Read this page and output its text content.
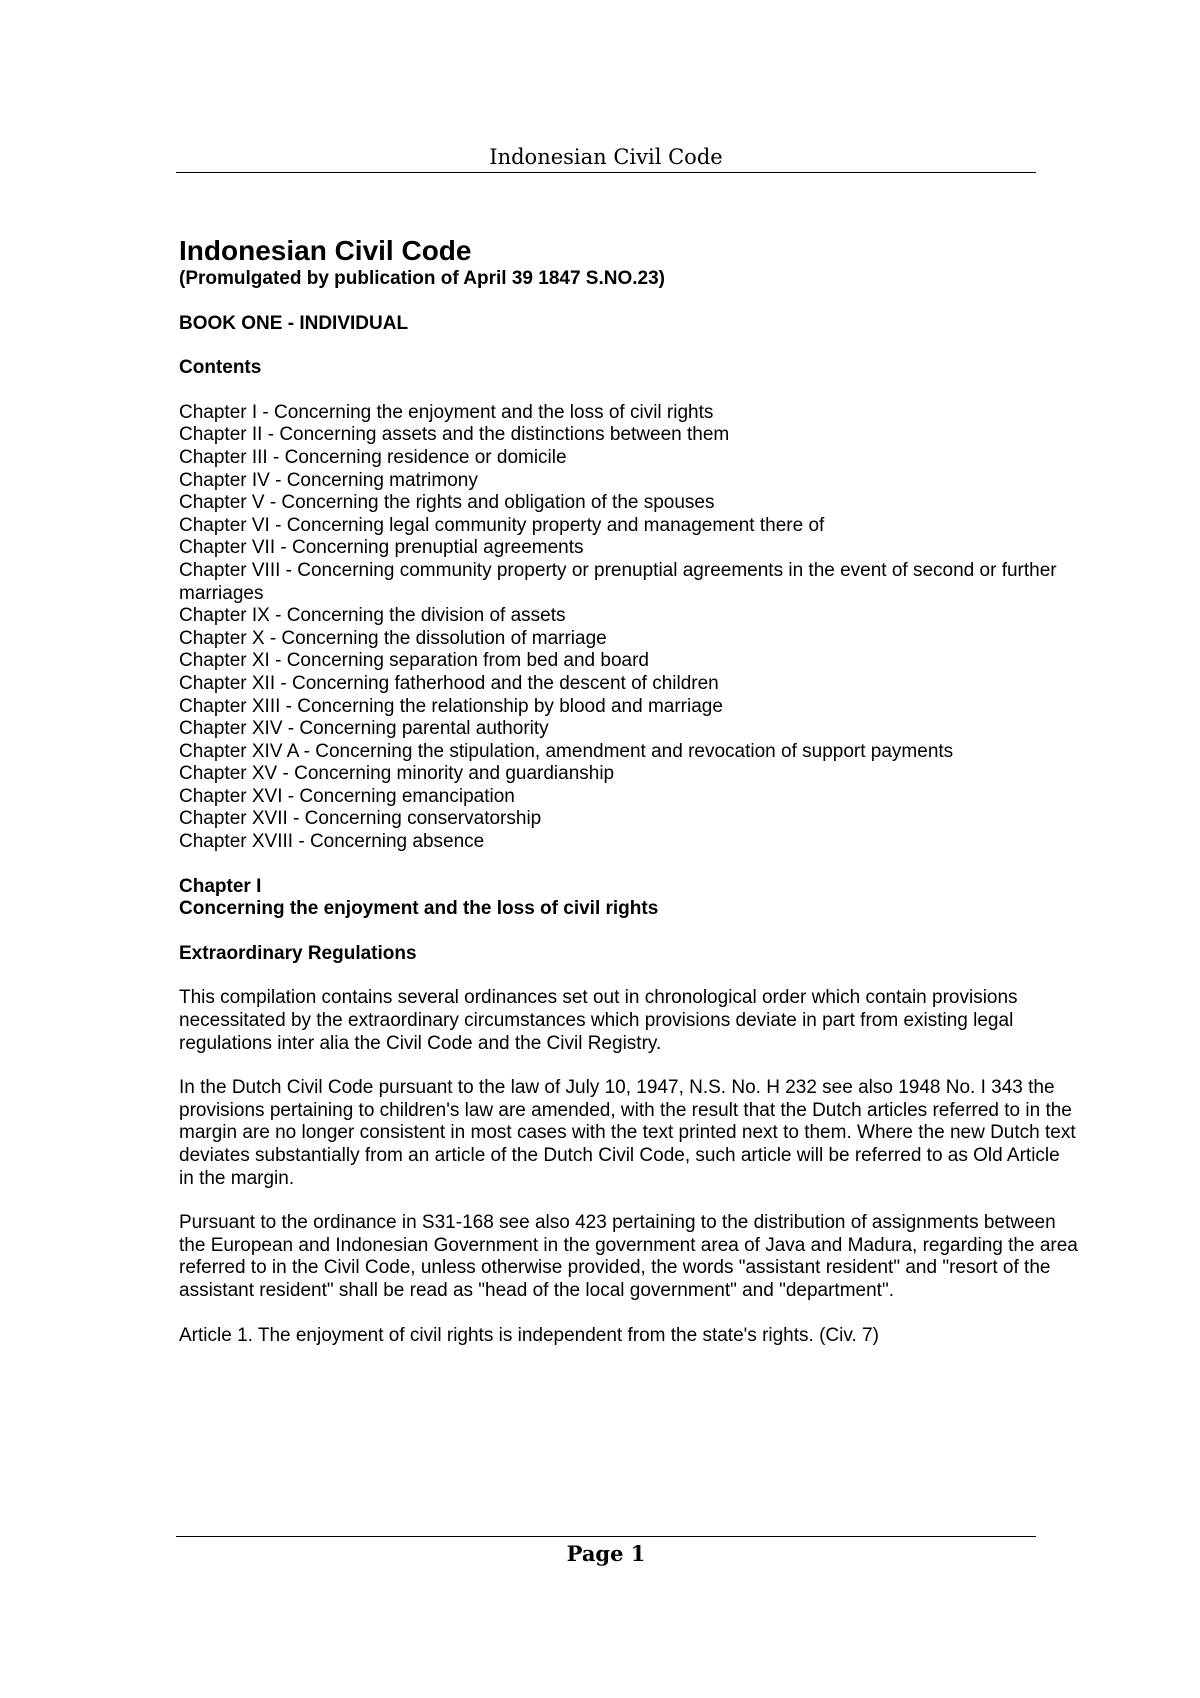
Indonesian Civil Code

Indonesian Civil Code

(Promulgated by publication of April 39 1847 S.NO.23)

BOOK ONE - INDIVIDUAL

Contents

Chapter I - Concerning the enjoyment and the loss of civil rights
Chapter II - Concerning assets and the distinctions between them
Chapter III - Concerning residence or domicile
Chapter IV - Concerning matrimony
Chapter V - Concerning the rights and obligation of the spouses
Chapter VI - Concerning legal community property and management there of
Chapter VII - Concerning prenuptial agreements
Chapter VIII - Concerning community property or prenuptial agreements in the event of second or further marriages
Chapter IX - Concerning the division of assets
Chapter X - Concerning the dissolution of marriage
Chapter XI - Concerning separation from bed and board
Chapter XII - Concerning fatherhood and the descent of children
Chapter XIII - Concerning the relationship by blood and marriage
Chapter XIV - Concerning parental authority
Chapter XIV A - Concerning the stipulation, amendment and revocation of support payments
Chapter XV - Concerning minority and guardianship
Chapter XVI - Concerning emancipation
Chapter XVII - Concerning conservatorship
Chapter XVIII - Concerning absence

Chapter I

Concerning the enjoyment and the loss of civil rights

Extraordinary Regulations

This compilation contains several ordinances set out in chronological order which contain provisions necessitated by the extraordinary circumstances which provisions deviate in part from existing legal regulations inter alia the Civil Code and the Civil Registry.

In the Dutch Civil Code pursuant to the law of July 10, 1947, N.S. No. H 232 see also 1948 No. I 343 the provisions pertaining to children's law are amended, with the result that the Dutch articles referred to in the margin are no longer consistent in most cases with the text printed next to them. Where the new Dutch text deviates substantially from an article of the Dutch Civil Code, such article will be referred to as Old Article in the margin.

Pursuant to the ordinance in S31-168 see also 423 pertaining to the distribution of assignments between the European and Indonesian Government in the government area of Java and Madura, regarding the area referred to in the Civil Code, unless otherwise provided, the words "assistant resident" and "resort of the assistant resident" shall be read as "head of the local government" and "department".

Article 1. The enjoyment of civil rights is independent from the state's rights. (Civ. 7)

Page 1
